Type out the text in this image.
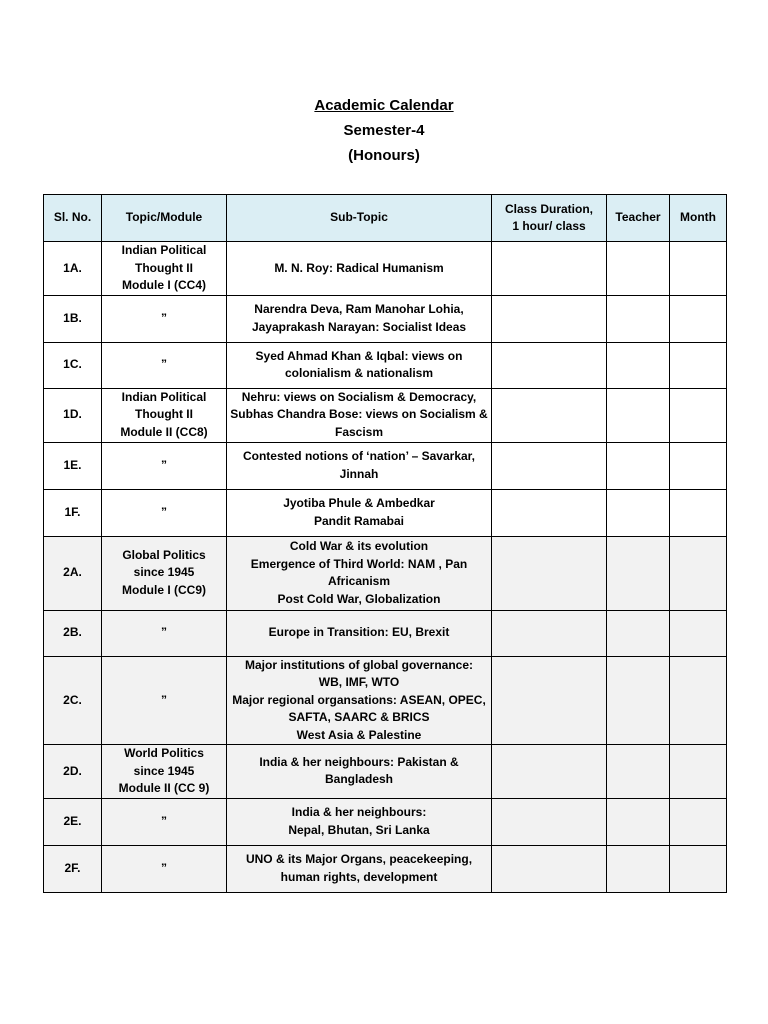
Academic Calendar
Semester-4
(Honours)
Sl. No.	Topic/Module	Sub-Topic	Class Duration,
1 hour/ class	Teacher	Month
1A.	Indian Political
Thought II
Module I (CC4)	M. N. Roy: Radical Humanism			
1B.	”	Narendra Deva, Ram Manohar Lohia,
Jayaprakash Narayan: Socialist Ideas			
1C.	”	Syed Ahmad Khan & Iqbal: views on
colonialism & nationalism			
1D.	Indian Political
Thought II
Module II (CC8)	Nehru: views on Socialism & Democracy,
Subhas Chandra Bose: views on Socialism &
Fascism			
1E.	”	Contested notions of ‘nation’ – Savarkar,
Jinnah			
1F.	”	Jyotiba Phule & Ambedkar
Pandit Ramabai			
2A.	Global Politics
since 1945
Module I (CC9)	Cold War & its evolution
Emergence of Third World: NAM , Pan
Africanism
Post Cold War, Globalization			
2B.	”	Europe in Transition: EU, Brexit			
2C.	”	Major institutions of global governance:
WB, IMF, WTO
Major regional organsations: ASEAN, OPEC,
SAFTA, SAARC & BRICS
West Asia & Palestine			
2D.	World Politics
since 1945
Module II (CC 9)	India & her neighbours: Pakistan &
Bangladesh			
2E.	”	India & her neighbours:
Nepal, Bhutan, Sri Lanka			
2F.	”	UNO & its Major Organs, peacekeeping,
human rights, development			
